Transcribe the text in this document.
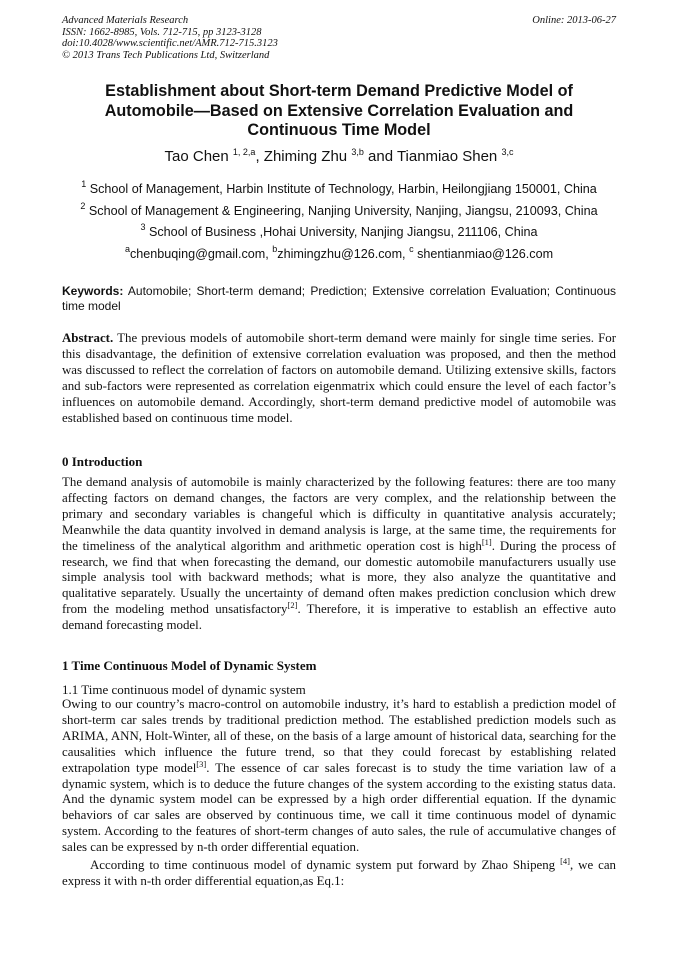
Advanced Materials Research
ISSN: 1662-8985, Vols. 712-715, pp 3123-3128
doi:10.4028/www.scientific.net/AMR.712-715.3123
© 2013 Trans Tech Publications Ltd, Switzerland
Online: 2013-06-27
Establishment about Short-term Demand Predictive Model of Automobile—Based on Extensive Correlation Evaluation and Continuous Time Model
Tao Chen $^{1, 2,a}$, Zhiming Zhu $^{3,b}$ and Tianmiao Shen $^{3,c}$
$^1$ School of Management, Harbin Institute of Technology, Harbin, Heilongjiang 150001, China
$^2$ School of Management & Engineering, Nanjing University, Nanjing, Jiangsu, 210093, China
$^3$ School of Business ,Hohai University, Nanjing Jiangsu, 211106, China
$^a$chenbuqing@gmail.com, $^b$zhimingzhu@126.com, $^c$ shentianmiao@126.com
Keywords: Automobile; Short-term demand; Prediction; Extensive correlation Evaluation; Continuous time model
Abstract. The previous models of automobile short-term demand were mainly for single time series. For this disadvantage, the definition of extensive correlation evaluation was proposed, and then the method was discussed to reflect the correlation of factors on automobile demand. Utilizing extensive skills, factors and sub-factors were represented as correlation eigenmatrix which could ensure the level of each factor’s influences on automobile demand. Accordingly, short-term demand predictive model of automobile was established based on continuous time model.
0 Introduction
The demand analysis of automobile is mainly characterized by the following features: there are too many affecting factors on demand changes, the factors are very complex, and the relationship between the primary and secondary variables is changeful which is difficulty in quantitative analysis accurately; Meanwhile the data quantity involved in demand analysis is large, at the same time, the requirements for the timeliness of the analytical algorithm and arithmetic operation cost is high[1]. During the process of research, we find that when forecasting the demand, our domestic automobile manufacturers usually use simple analysis tool with backward methods; what is more, they also analyze the quantitative and qualitative separately. Usually the uncertainty of demand often makes prediction conclusion which drew from the modeling method unsatisfactory[2]. Therefore, it is imperative to establish an effective auto demand forecasting model.
1 Time Continuous Model of Dynamic System
1.1 Time continuous model of dynamic system
Owing to our country’s macro-control on automobile industry, it’s hard to establish a prediction model of short-term car sales trends by traditional prediction method. The established prediction models such as ARIMA, ANN, Holt-Winter, all of these, on the basis of a large amount of historical data, searching for the causalities which influence the future trend, so that they could forecast by establishing related extrapolation type model[3]. The essence of car sales forecast is to study the time variation law of a dynamic system, which is to deduce the future changes of the system according to the existing status data. And the dynamic system model can be expressed by a high order differential equation. If the dynamic behaviors of car sales are observed by continuous time, we call it time continuous model of dynamic system. According to the features of short-term changes of auto sales, the rule of accumulative changes of sales can be expressed by n-th order differential equation.
According to time continuous model of dynamic system put forward by Zhao Shipeng [4], we can express it with n-th order differential equation,as Eq.1:
